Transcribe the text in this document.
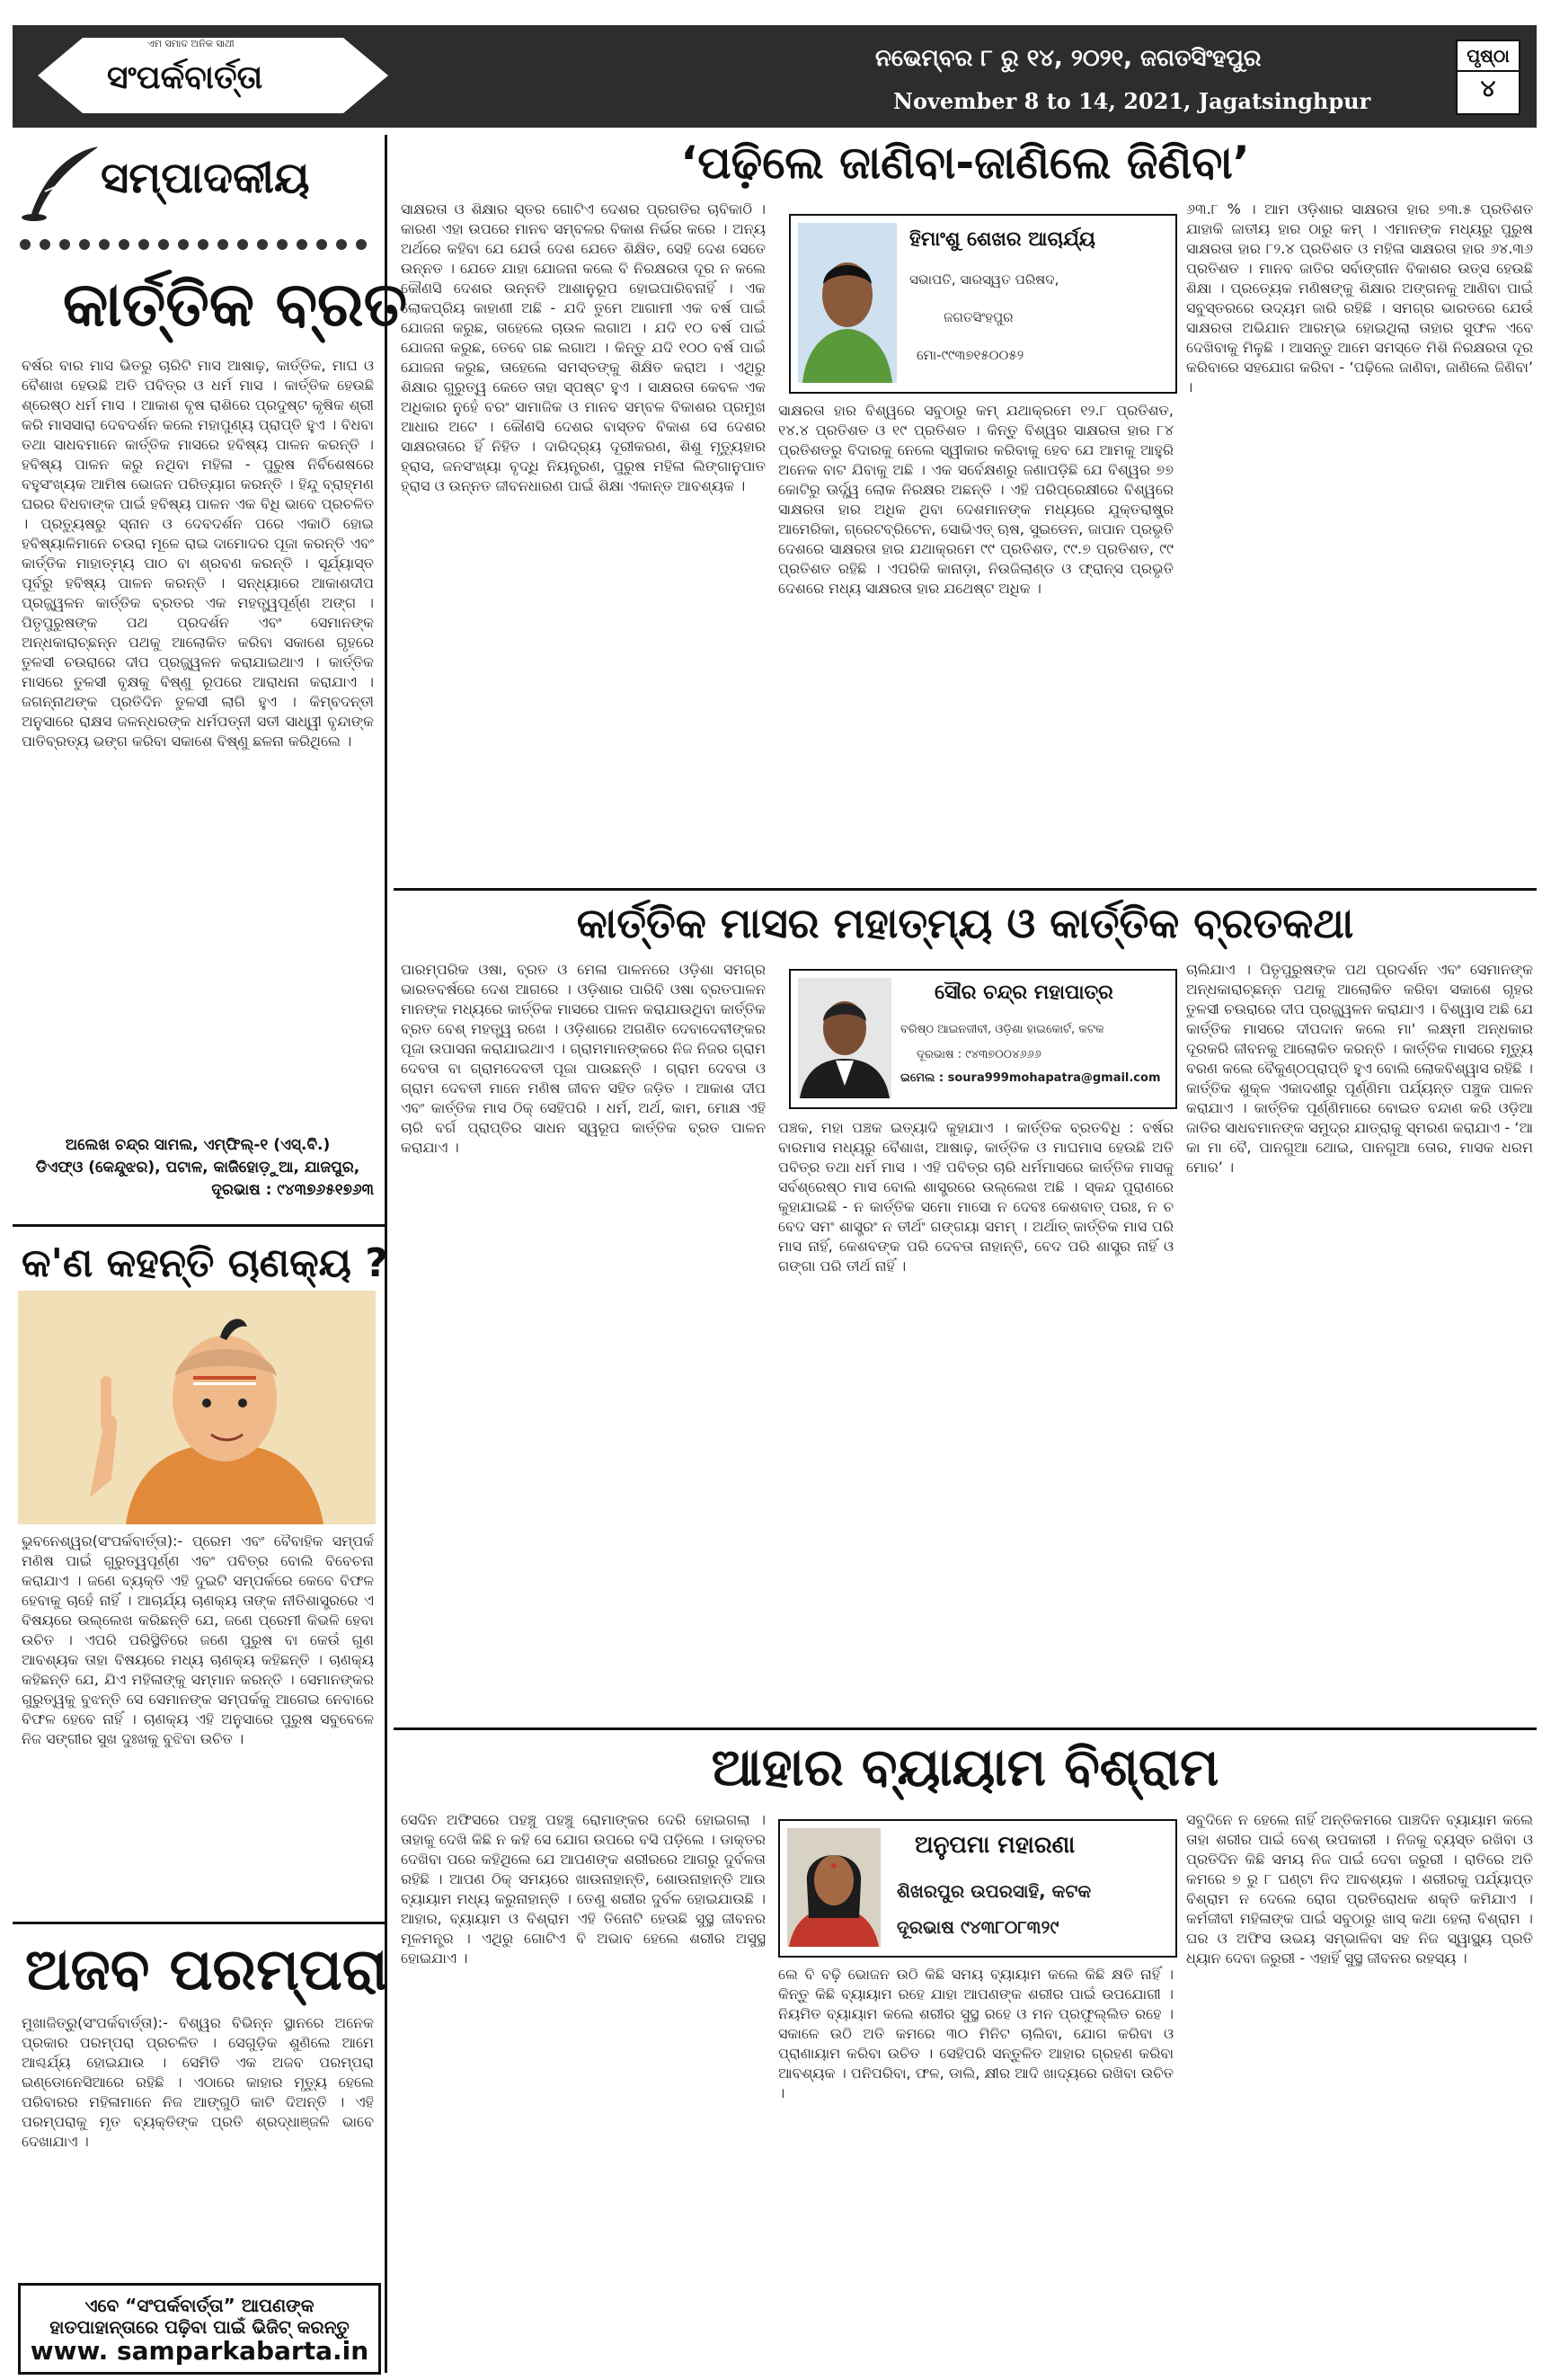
ଏମ ସମାଦ ଅନିକ ସାଥୀ
ସଂପର୍କବାର୍ତ୍ତା
ନଭେମ୍ବର ୮ ରୁ ୧୪, ୨୦୨୧, ଜଗତସିଂହପୁର
November 8 to 14, 2021, Jagatsinghpur
ପୃଷ୍ଠା
୪
ସମ୍ପାଦକୀୟ
କାର୍ତ୍ତିକ ବ୍ରତ
ବର୍ଷର ବାର ମାସ ଭିତରୁ ଚାରିଟି ମାସ ଆଷାଢ଼, କାର୍ତ୍ତିକ, ମାଘ ଓ ବୈଶାଖ ହେଉଛି ଅତି ପବିତ୍ର ଓ ଧର୍ମ ମାସ । କାର୍ତ୍ତିକ ହେଉଛି ଶ୍ରେଷ୍ଠ ଧର୍ମ ମାସ । ଆକାଶ ବୃଷ ରାଶିରେ ପ୍ରଦୁଷ୍ଟ କୃଷିକ ଶ୍ରୀ କରି ମାସସାରା ଦେବଦର୍ଶନ କଲେ ମହାପୁଣ୍ୟ ପ୍ରାପ୍ତି ହୁଏ । ବିଧବା ତଥା ସାଧବମାନେ କାର୍ତ୍ତିକ ମାସରେ ହବିଷ୍ୟ ପାଳନ କରନ୍ତି । ହବିଷ୍ୟ ପାଳନ କରୁ ନଥିବା ମହିଳା - ପୁରୁଷ ନିର୍ବିଶେଷରେ ବହୁସଂଖ୍ୟକ ଆମିଷ ଭୋଜନ ପରିତ୍ୟାଗ କରନ୍ତି । ହିନ୍ଦୁ ବ୍ରାହ୍ମଣ ଘରର ବିଧବାଙ୍କ ପାଇଁ ହବିଷ୍ୟ ପାଳନ ଏକ ବିଧି ଭାବେ ପ୍ରଚଳିତ । ପ୍ରତ୍ୟୁଷରୁ ସ୍ନାନ ଓ ଦେବଦର୍ଶନ ପରେ ଏକାଠି ହୋଇ ହବିଷ୍ୟାଳିମାନେ ଚଉରା ମୂଳେ ରାଇ ଦାମୋଦର ପୂଜା କରନ୍ତି ଏବଂ କାର୍ତ୍ତିକ ମାହାତ୍ମ୍ୟ ପାଠ ବା ଶ୍ରବଣ କରନ୍ତି । ସୂର୍ଯ୍ୟାସ୍ତ ପୂର୍ବରୁ ହବିଷ୍ୟ ପାଳନ କରନ୍ତି । ସନ୍ଧ୍ୟାରେ ଆକାଶଦୀପ ପ୍ରଜ୍ଜ୍ୱଳନ କାର୍ତ୍ତିକ ବ୍ରତର ଏକ ମହତ୍ତ୍ୱପୂର୍ଣ୍ଣ ଅଙ୍ଗ । ପିତୃପୁରୁଷଙ୍କ ପଥ ପ୍ରଦର୍ଶନ ଏବଂ ସେମାନଙ୍କ ଅନ୍ଧକାରାଚ୍ଛନ୍ନ ପଥକୁ ଆଲୋକିତ କରିବା ସକାଶେ ଗୃହରେ ତୁଳସୀ ଚଉରାରେ ଦୀପ ପ୍ରଜ୍ଜ୍ୱଳନ କରାଯାଇଥାଏ । କାର୍ତ୍ତିକ ମାସରେ ତୁଳସୀ ବୃକ୍ଷକୁ ବିଷ୍ଣୁ ରୂପରେ ଆରାଧନା କରାଯାଏ । ଜଗନ୍ନାଥଙ୍କ ପ୍ରତିଦିନ ତୁଳସୀ ଲାଗି ହୁଏ । କିମ୍ବଦନ୍ତୀ ଅନୁସାରେ ରାକ୍ଷସ ଜଳନ୍ଧରଙ୍କ ଧର୍ମପତ୍ନୀ ସତୀ ସାଧ୍ୱୀ ବୃନ୍ଦାଙ୍କ ପାତିବ୍ରତ୍ୟ ଭଙ୍ଗ କରିବା ସକାଶେ ବିଷ୍ଣୁ ଛଳନା କରିଥିଲେ ।
ଅଲେଖ ଚନ୍ଦ୍ର ସାମଲ, ଏମ୍‌ଫିଲ୍-୧ (ଏସ୍‌.ବି.)
ଡିଏଫ୍‌ଓ (କେନ୍ଦୁଝର), ପଟାଳ, କାଜିହୋଡ଼ୁଆ, ଯାଜପୁର,
ଦୂରଭାଷ : ୯୪୩୭୬୫୧୭୬୩
କ'ଣ କହନ୍ତି ଚାଣକ୍ୟ ?
ଭୁବନେଶ୍ୱର(ସଂପର୍କବାର୍ତ୍ତା):- ପ୍ରେମ ଏବଂ ବୈବାହିକ ସମ୍ପର୍କ ମଣିଷ ପାଇଁ ଗୁରୁତ୍ୱପୂର୍ଣ୍ଣ ଏବଂ ପବିତ୍ର ବୋଲି ବିବେଚନା କରାଯାଏ । ଜଣେ ବ୍ୟକ୍ତି ଏହି ଦୁଇଟି ସମ୍ପର୍କରେ କେବେ ବିଫଳ ହେବାକୁ ଚାହେଁ ନାହିଁ । ଆଚାର୍ଯ୍ୟ ଚାଣକ୍ୟ ତାଙ୍କ ନୀତିଶାସ୍ତ୍ରରେ ଏ ବିଷୟରେ ଉଲ୍ଲେଖ କରିଛନ୍ତି ଯେ, ଜଣେ ପ୍ରେମୀ କିଭଳି ହେବା ଉଚିତ । ଏପରି ପରିସ୍ଥିତିରେ ଜଣେ ପୁରୁଷ ବା କେଉଁ ଗୁଣ ଆବଶ୍ୟକ ତାହା ବିଷୟରେ ମଧ୍ୟ ଚାଣକ୍ୟ କହିଛନ୍ତି । ଚାଣକ୍ୟ କହିଛନ୍ତି ଯେ, ଯିଏ ମହିଳାଙ୍କୁ ସମ୍ମାନ କରନ୍ତି । ସେମାନଙ୍କର ଗୁରୁତ୍ୱକୁ ବୁଝନ୍ତି ସେ ସେମାନଙ୍କ ସମ୍ପର୍କକୁ ଆଗେଇ ନେବାରେ ବିଫଳ ହେବେ ନାହିଁ । ଚାଣକ୍ୟ ଏହି ଅନୁସାରେ ପୁରୁଷ ସବୁବେଳେ ନିଜ ସଙ୍ଗୀର ସୁଖ ଦୁଃଖକୁ ବୁଝିବା ଉଚିତ ।
ଅଜବ ପରମ୍ପରା
ମୁଖାଜିତ୍ରୁ(ସଂପର୍କବାର୍ତ୍ତା):- ବିଶ୍ୱର ବିଭିନ୍ନ ସ୍ଥାନରେ ଅନେକ ପ୍ରକାର ପରମ୍ପରା ପ୍ରଚଳିତ । ସେଗୁଡ଼ିକ ଶୁଣିଲେ ଆମେ ଆଶ୍ଚର୍ଯ୍ୟ ହୋଇଯାଉ । ସେମିତି ଏକ ଅଜବ ପରମ୍ପରା ଇଣ୍ଡୋନେସିଆରେ ରହିଛି । ଏଠାରେ କାହାର ମୃତ୍ୟୁ ହେଲେ ପରିବାରର ମହିଳାମାନେ ନିଜ ଆଙ୍ଗୁଠି କାଟି ଦିଅନ୍ତି । ଏହି ପରମ୍ପରାକୁ ମୃତ ବ୍ୟକ୍ତିଙ୍କ ପ୍ରତି ଶ୍ରଦ୍ଧାଞ୍ଜଳି ଭାବେ ଦେଖାଯାଏ ।
ଏବେ “ସଂପର୍କବାର୍ତ୍ତା” ଆପଣଙ୍କ ହାତପାହାନ୍ତାରେ ପଢ଼ିବା ପାଇଁ ଭିଜିଟ୍ କରନ୍ତୁ
www. samparkabarta.in
‘ପଢ଼ିଲେ ଜାଣିବା-ଜାଣିଲେ ଜିଣିବା’
ସାକ୍ଷରତା ଓ ଶିକ୍ଷାର ସ୍ତର ଗୋଟିଏ ଦେଶର ପ୍ରଗତିର ଚାବିକାଠି । କାରଣ ଏହା ଉପରେ ମାନବ ସମ୍ବଳର ବିକାଶ ନିର୍ଭର କରେ । ଅନ୍ୟ ଅର୍ଥରେ କହିବା ଯେ ଯେଉଁ ଦେଶ ଯେତେ ଶିକ୍ଷିତ, ସେହି ଦେଶ ସେତେ ଉନ୍ନତ । ଯେତେ ଯାହା ଯୋଜନା କଲେ ବି ନିରକ୍ଷରତା ଦୂର ନ କଲେ କୌଣସି ଦେଶର ଉନ୍ନତି ଆଶାନୁରୂପ ହୋଇପାରିବନାହିଁ । ଏକ ଲୋକପ୍ରିୟ କାହାଣୀ ଅଛି - ଯଦି ତୁମେ ଆଗାମୀ ଏକ ବର୍ଷ ପାଇଁ ଯୋଜନା କରୁଛ, ତାହେଲେ ଚାଉଳ ଲଗାଅ । ଯଦି ୧୦ ବର୍ଷ ପାଇଁ ଯୋଜନା କରୁଛ, ତେବେ ଗଛ ଲଗାଅ । କିନ୍ତୁ ଯଦି ୧୦୦ ବର୍ଷ ପାଇଁ ଯୋଜନା କରୁଛ, ତାହେଲେ ସମସ୍ତଙ୍କୁ ଶିକ୍ଷିତ କରାଅ । ଏଥିରୁ ଶିକ୍ଷାର ଗୁରୁତ୍ୱ କେତେ ତାହା ସ୍ପଷ୍ଟ ହୁଏ । ସାକ୍ଷରତା କେବଳ ଏକ ଅଧିକାର ନୁହେଁ ବରଂ ସାମାଜିକ ଓ ମାନବ ସମ୍ବଳ ବିକାଶର ପ୍ରମୁଖ ଆଧାର ଅଟେ । କୌଣସି ଦେଶର ବାସ୍ତବ ବିକାଶ ସେ ଦେଶର ସାକ୍ଷରତାରେ ହିଁ ନିହିତ । ଦାରିଦ୍ର୍ୟ ଦୂରୀକରଣ, ଶିଶୁ ମୃତ୍ୟୁହାର ହ୍ରାସ, ଜନସଂଖ୍ୟା ବୃଦ୍ଧି ନିୟନ୍ତ୍ରଣ, ପୁରୁଷ ମହିଳା ଲିଙ୍ଗାନୁପାତ ହ୍ରାସ ଓ ଉନ୍ନତ ଜୀବନଧାରଣ ପାଇଁ ଶିକ୍ଷା ଏକାନ୍ତ ଆବଶ୍ୟକ ।
ହିମାଂଶୁ ଶେଖର ଆଚାର୍ଯ୍ୟ
ସଭାପତି, ସାରସ୍ୱତ ପରିଷଦ,
ଜଗତସିଂହପୁର
ମୋ-୯୯୩୭୧୫୦୦୫୨
ସାକ୍ଷରତା ହାର ବିଶ୍ୱରେ ସବୁଠାରୁ କମ୍ ଯଥାକ୍ରମେ ୧୨.୮ ପ୍ରତିଶତ, ୧୪.୪ ପ୍ରତିଶତ ଓ ୧୯ ପ୍ରତିଶତ । କିନ୍ତୁ ବିଶ୍ୱର ସାକ୍ଷରତା ହାର ୮୪ ପ୍ରତିଶତରୁ ବିଦାରକୁ ନେଲେ ସ୍ୱୀକାର କରିବାକୁ ହେବ ଯେ ଆମକୁ ଆହୁରି ଅନେକ ବାଟ ଯିବାକୁ ଅଛି । ଏକ ସର୍ବେକ୍ଷଣରୁ ଜଣାପଡ଼ିଛି ଯେ ବିଶ୍ୱର ୭୭ କୋଟିରୁ ଊର୍ଦ୍ଧ୍ୱ ଲୋକ ନିରକ୍ଷର ଅଛନ୍ତି । ଏହି ପରିପ୍ରେକ୍ଷୀରେ ବିଶ୍ୱରେ ସାକ୍ଷରତା ହାର ଅଧିକ ଥିବା ଦେଶମାନଙ୍କ ମଧ୍ୟରେ ଯୁକ୍ତରାଷ୍ଟ୍ର ଆମେରିକା, ଗ୍ରେଟବ୍ରିଟେନ, ସୋଭିଏତ୍ ଋଷ, ସୁଇଡେନ, ଜାପାନ ପ୍ରଭୃତି ଦେଶରେ ସାକ୍ଷରତା ହାର ଯଥାକ୍ରମେ ୯୯ ପ୍ରତିଶତ, ୯୯.୭ ପ୍ରତିଶତ, ୯୯ ପ୍ରତିଶତ ରହିଛି । ଏପରିକି କାନାଡ଼ା, ନିଉଜିଲାଣ୍ଡ ଓ ଫ୍ରାନ୍ସ ପ୍ରଭୃତି ଦେଶରେ ମଧ୍ୟ ସାକ୍ଷରତା ହାର ଯଥେଷ୍ଟ ଅଧିକ ।
୬୩.୮ % । ଆମ ଓଡ଼ିଶାର ସାକ୍ଷରତା ହାର ୭୩.୫ ପ୍ରତିଶତ ଯାହାକି ଜାତୀୟ ହାର ଠାରୁ କମ୍ । ଏମାନଙ୍କ ମଧ୍ୟରୁ ପୁରୁଷ ସାକ୍ଷରତା ହାର ୮୨.୪ ପ୍ରତିଶତ ଓ ମହିଳା ସାକ୍ଷରତା ହାର ୬୪.୩୬ ପ୍ରତିଶତ । ମାନବ ଜାତିର ସର୍ବାଙ୍ଗୀନ ବିକାଶର ଉତ୍ସ ହେଉଛି ଶିକ୍ଷା । ପ୍ରତ୍ୟେକ ମଣିଷଙ୍କୁ ଶିକ୍ଷାର ଅଙ୍ଗନକୁ ଆଣିବା ପାଇଁ ସବୁସ୍ତରରେ ଉଦ୍ୟମ ଜାରି ରହିଛି । ସମଗ୍ର ଭାରତରେ ଯେଉଁ ସାକ୍ଷରତା ଅଭିଯାନ ଆରମ୍ଭ ହୋଇଥିଲା ତାହାର ସୁଫଳ ଏବେ ଦେଖିବାକୁ ମିଳୁଛି । ଆସନ୍ତୁ ଆମେ ସମସ୍ତେ ମିଶି ନିରକ୍ଷରତା ଦୂର କରିବାରେ ସହଯୋଗ କରିବା - ‘ପଢ଼ିଲେ ଜାଣିବା, ଜାଣିଲେ ଜିଣିବା’ ।
କାର୍ତ୍ତିକ ମାସର ମହାତ୍ମ୍ୟ ଓ କାର୍ତ୍ତିକ ବ୍ରତକଥା
ପାରମ୍ପରିକ ଓଷା, ବ୍ରତ ଓ ମେଳା ପାଳନରେ ଓଡ଼ିଶା ସମଗ୍ର ଭାରତବର୍ଷରେ ଦେଶ ଆଗରେ । ଓଡ଼ିଶାର ପାରିବି ଓଷା ବ୍ରତପାଳନ ମାନଙ୍କ ମଧ୍ୟରେ କାର୍ତ୍ତିକ ମାସରେ ପାଳନ କରାଯାଉଥିବା କାର୍ତ୍ତିକ ବ୍ରତ ବେଶ୍ ମହତ୍ତ୍ୱ ରଖେ । ଓଡ଼ିଶାରେ ଅଗଣିତ ଦେବାଦେବୀଙ୍କର ପୂଜା ଉପାସନା କରାଯାଇଥାଏ । ଗ୍ରାମମାନଙ୍କରେ ନିଜ ନିଜର ଗ୍ରାମ ଦେବତା ବା ଗ୍ରାମଦେବତୀ ପୂଜା ପାଉଛନ୍ତି । ଗ୍ରାମ ଦେବତା ଓ ଗ୍ରାମ ଦେବତୀ ମାନେ ମଣିଷ ଜୀବନ ସହିତ ଜଡ଼ିତ । ଆକାଶ ଦୀପ ଏବଂ କାର୍ତ୍ତିକ ମାସ ଠିକ୍ ସେହିପରି । ଧର୍ମ, ଅର୍ଥ, କାମ, ମୋକ୍ଷ ଏହି ଚାରି ବର୍ଗ ପ୍ରାପ୍ତିର ସାଧନ ସ୍ୱରୂପ କାର୍ତ୍ତିକ ବ୍ରତ ପାଳନ କରାଯାଏ ।
ସୌର ଚନ୍ଦ୍ର ମହାପାତ୍ର
ବରିଷ୍ଠ ଆଇନଜୀବୀ, ଓଡ଼ିଶା ହାଇକୋର୍ଟ, କଟକ
ଦୂରଭାଷ : ୯୪୩୭୦୦୪୬୬୬
ଇମେଲ : soura999mohapatra@gmail.com
ପଞ୍ଚକ, ମହା ପଞ୍ଚକ ଇତ୍ୟାଦି କୁହାଯାଏ । କାର୍ତ୍ତିକ ବ୍ରତବିଧି : ବର୍ଷର ବାରମାସ ମଧ୍ୟରୁ ବୈଶାଖ, ଆଷାଢ଼, କାର୍ତ୍ତିକ ଓ ମାଘମାସ ହେଉଛି ଅତି ପବିତ୍ର ତଥା ଧର୍ମ ମାସ । ଏହି ପବିତ୍ର ଚାରି ଧର୍ମମାସରେ କାର୍ତ୍ତିକ ମାସକୁ ସର୍ବଶ୍ରେଷ୍ଠ ମାସ ବୋଲି ଶାସ୍ତ୍ରରେ ଉଲ୍ଲେଖ ଅଛି । ସ୍କନ୍ଦ ପୁରାଣରେ କୁହାଯାଇଛି - ନ କାର୍ତ୍ତିକ ସମୋ ମାସୋ ନ ଦେବଃ କେଶବାତ୍ ପରଃ, ନ ଚ ବେଦ ସମଂ ଶାସ୍ତ୍ରଂ ନ ତୀର୍ଥଂ ଗଙ୍ଗୟା ସମମ୍ । ଅର୍ଥାତ୍ କାର୍ତ୍ତିକ ମାସ ପରି ମାସ ନାହିଁ, କେଶବଙ୍କ ପରି ଦେବତା ନାହାନ୍ତି, ବେଦ ପରି ଶାସ୍ତ୍ର ନାହିଁ ଓ ଗଙ୍ଗା ପରି ତୀର୍ଥ ନାହିଁ ।
ଚାଲିଯାଏ । ପିତୃପୁରୁଷଙ୍କ ପଥ ପ୍ରଦର୍ଶନ ଏବଂ ସେମାନଙ୍କ ଅନ୍ଧକାରାଚ୍ଛନ୍ନ ପଥକୁ ଆଲୋକିତ କରିବା ସକାଶେ ଗୃହର ତୁଳସୀ ଚଉରାରେ ଦୀପ ପ୍ରଜ୍ଜ୍ୱଳନ କରାଯାଏ । ବିଶ୍ୱାସ ଅଛି ଯେ କାର୍ତ୍ତିକ ମାସରେ ଦୀପଦାନ କଲେ ମା' ଲକ୍ଷ୍ମୀ ଅନ୍ଧକାର ଦୂରକରି ଜୀବନକୁ ଆଲୋକିତ କରନ୍ତି । କାର୍ତ୍ତିକ ମାସରେ ମୃତ୍ୟୁ ବରଣ କଲେ ବୈକୁଣ୍ଠପ୍ରାପ୍ତି ହୁଏ ବୋଲି ଲୋକବିଶ୍ୱାସ ରହିଛି । କାର୍ତ୍ତିକ ଶୁକ୍ଳ ଏକାଦଶୀରୁ ପୂର୍ଣ୍ଣିମା ପର୍ଯ୍ୟନ୍ତ ପଞ୍ଚୁକ ପାଳନ କରାଯାଏ । କାର୍ତ୍ତିକ ପୂର୍ଣ୍ଣିମାରେ ବୋଇତ ବନ୍ଦାଣ କରି ଓଡ଼ିଆ ଜାତିର ସାଧବମାନଙ୍କ ସମୁଦ୍ର ଯାତ୍ରାକୁ ସ୍ମରଣ କରାଯାଏ - ‘ଆ କା ମା ବୈ, ପାନଗୁଆ ଥୋଇ, ପାନଗୁଆ ତୋର, ମାସକ ଧରମ ମୋର’ ।
ଆହାର ବ୍ୟାୟାମ ବିଶ୍ରାମ
ସେଦିନ ଅଫିସରେ ପହଞ୍ଚୁ ପହଞ୍ଚୁ ରୋମାଙ୍କର ଦେରି ହୋଇଗଲା । ତାହାକୁ ଦେଖି କିଛି ନ କହି ସେ ଯୋଗ ଉପରେ ବସି ପଡ଼ିଲେ । ଡାକ୍ତର ଦେଖିବା ପରେ କହିଥିଲେ ଯେ ଆପଣଙ୍କ ଶରୀରରେ ଆଗରୁ ଦୁର୍ବଳତା ରହିଛି । ଆପଣ ଠିକ୍ ସମୟରେ ଖାଉନାହାନ୍ତି, ଶୋଉନାହାନ୍ତି ଆଉ ବ୍ୟାୟାମ ମଧ୍ୟ କରୁନାହାନ୍ତି । ତେଣୁ ଶରୀର ଦୁର୍ବଳ ହୋଇଯାଉଛି । ଆହାର, ବ୍ୟାୟାମ ଓ ବିଶ୍ରାମ ଏହି ତିନୋଟି ହେଉଛି ସୁସ୍ଥ ଜୀବନର ମୂଳମନ୍ତ୍ର । ଏଥିରୁ ଗୋଟିଏ ବି ଅଭାବ ହେଲେ ଶରୀର ଅସୁସ୍ଥ ହୋଇଯାଏ ।
ଅନୁପମା ମହାରଣା
ଶିଖରପୁର ଉପରସାହି, କଟକ
ଦୂରଭାଷ ୯୪୩୮୦୮୩୨୯
ଲେ ବି ବଢ଼ି ଭୋଜନ ଉଠି କିଛି ସମୟ ବ୍ୟାୟାମ କଲେ କିଛି କ୍ଷତି ନାହିଁ । କିନ୍ତୁ କିଛି ବ୍ୟାୟାମ ରହେ ଯାହା ଆପଣଙ୍କ ଶରୀର ପାଇଁ ଉପଯୋଗୀ । ନିୟମିତ ବ୍ୟାୟାମ କଲେ ଶରୀର ସୁସ୍ଥ ରହେ ଓ ମନ ପ୍ରଫୁଲ୍ଲିତ ରହେ । ସକାଳେ ଉଠି ଅତି କମରେ ୩୦ ମିନିଟ ଚାଲିବା, ଯୋଗ କରିବା ଓ ପ୍ରାଣାୟାମ କରିବା ଉଚିତ । ସେହିପରି ସନ୍ତୁଳିତ ଆହାର ଗ୍ରହଣ କରିବା ଆବଶ୍ୟକ । ପନିପରିବା, ଫଳ, ଡାଲି, କ୍ଷୀର ଆଦି ଖାଦ୍ୟରେ ରଖିବା ଉଚିତ ।
ସବୁଦିନେ ନ ହେଲେ ନାହିଁ ଅନ୍ତିକମରେ ପାଞ୍ଚଦିନ ବ୍ୟାୟାମ କଲେ ତାହା ଶରୀର ପାଇଁ ବେଶ୍ ଉପକାରୀ । ନିଜକୁ ବ୍ୟସ୍ତ ରଖିବା ଓ ପ୍ରତିଦିନ କିଛି ସମୟ ନିଜ ପାଇଁ ଦେବା ଜରୁରୀ । ରାତିରେ ଅତି କମରେ ୭ ରୁ ୮ ଘଣ୍ଟା ନିଦ ଆବଶ୍ୟକ । ଶରୀରକୁ ପର୍ଯ୍ୟାପ୍ତ ବିଶ୍ରାମ ନ ଦେଲେ ରୋଗ ପ୍ରତିରୋଧକ ଶକ୍ତି କମିଯାଏ । କର୍ମଜୀବୀ ମହିଳାଙ୍କ ପାଇଁ ସବୁଠାରୁ ଖାସ୍ କଥା ହେଲା ବିଶ୍ରାମ । ଘର ଓ ଅଫିସ ଉଭୟ ସମ୍ଭାଳିବା ସହ ନିଜ ସ୍ୱାସ୍ଥ୍ୟ ପ୍ରତି ଧ୍ୟାନ ଦେବା ଜରୁରୀ - ଏହାହିଁ ସୁସ୍ଥ ଜୀବନର ରହସ୍ୟ ।
